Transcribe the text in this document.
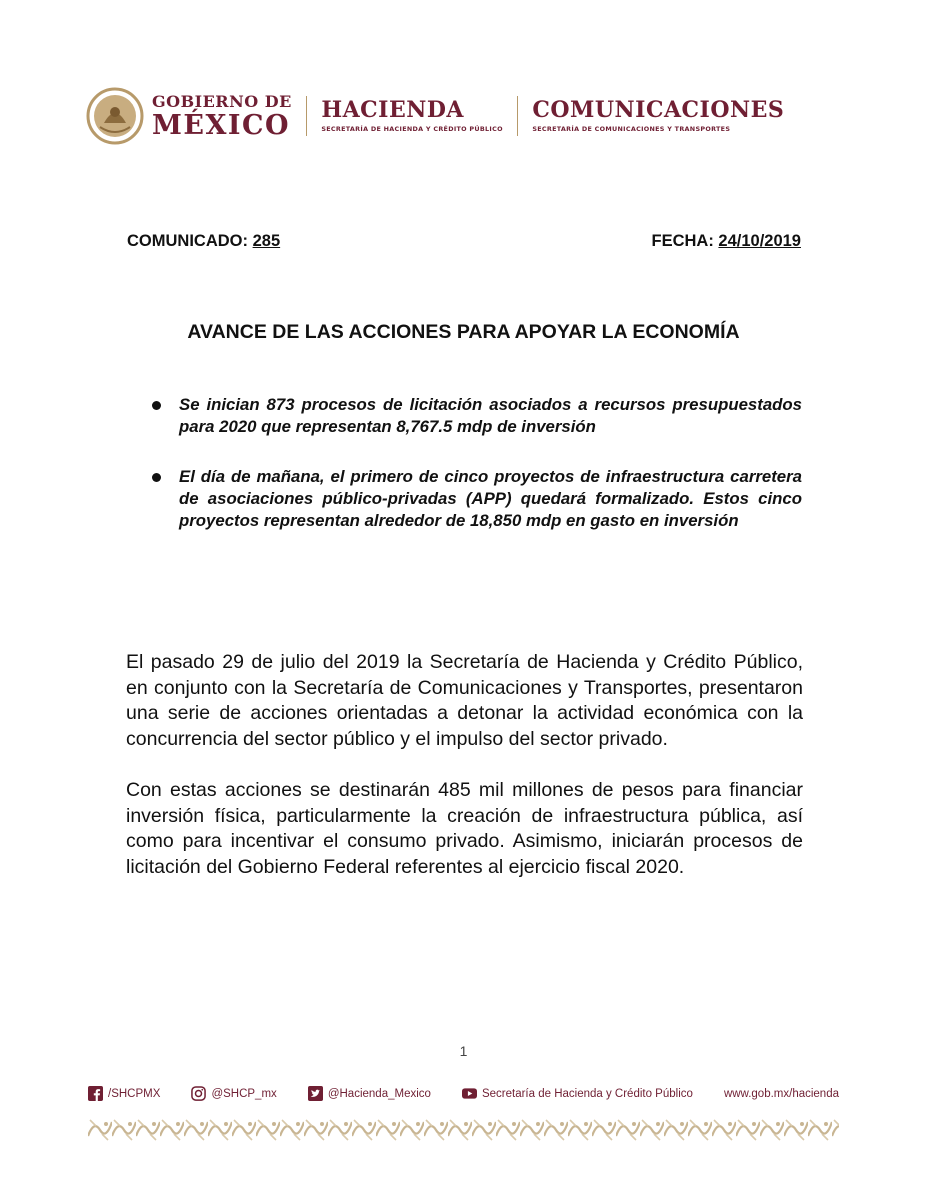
GOBIERNO DE
MÉXICO HACIENDA
SECRETARÍA DE HACIENDA Y CRÉDITO PÚBLICO
COMUNICACIONES
SECRETARÍA DE COMUNICACIONES Y TRANSPORTES
COMUNICADO: 285	FECHA: 24/10/2019
AVANCE DE LAS ACCIONES PARA APOYAR LA ECONOMÍA
Se inician 873 procesos de licitación asociados a recursos presupuestados para 2020 que representan 8,767.5 mdp de inversión
El día de mañana, el primero de cinco proyectos de infraestructura carretera de asociaciones público-privadas (APP) quedará formalizado. Estos cinco proyectos representan alrededor de 18,850 mdp en gasto en inversión

El pasado 29 de julio del 2019 la Secretaría de Hacienda y Crédito Público, en conjunto con la Secretaría de Comunicaciones y Transportes, presentaron una serie de acciones orientadas a detonar la actividad económica con la concurrencia del sector público y el impulso del sector privado.

Con estas acciones se destinarán 485 mil millones de pesos para financiar inversión física, particularmente la creación de infraestructura pública, así como para incentivar el consumo privado. Asimismo, iniciarán procesos de licitación del Gobierno Federal referentes al ejercicio fiscal 2020.

1
/SHCPMX	@SHCP_mx	@Hacienda_Mexico	Secretaría de Hacienda y Crédito Público	www.gob.mx/hacienda
